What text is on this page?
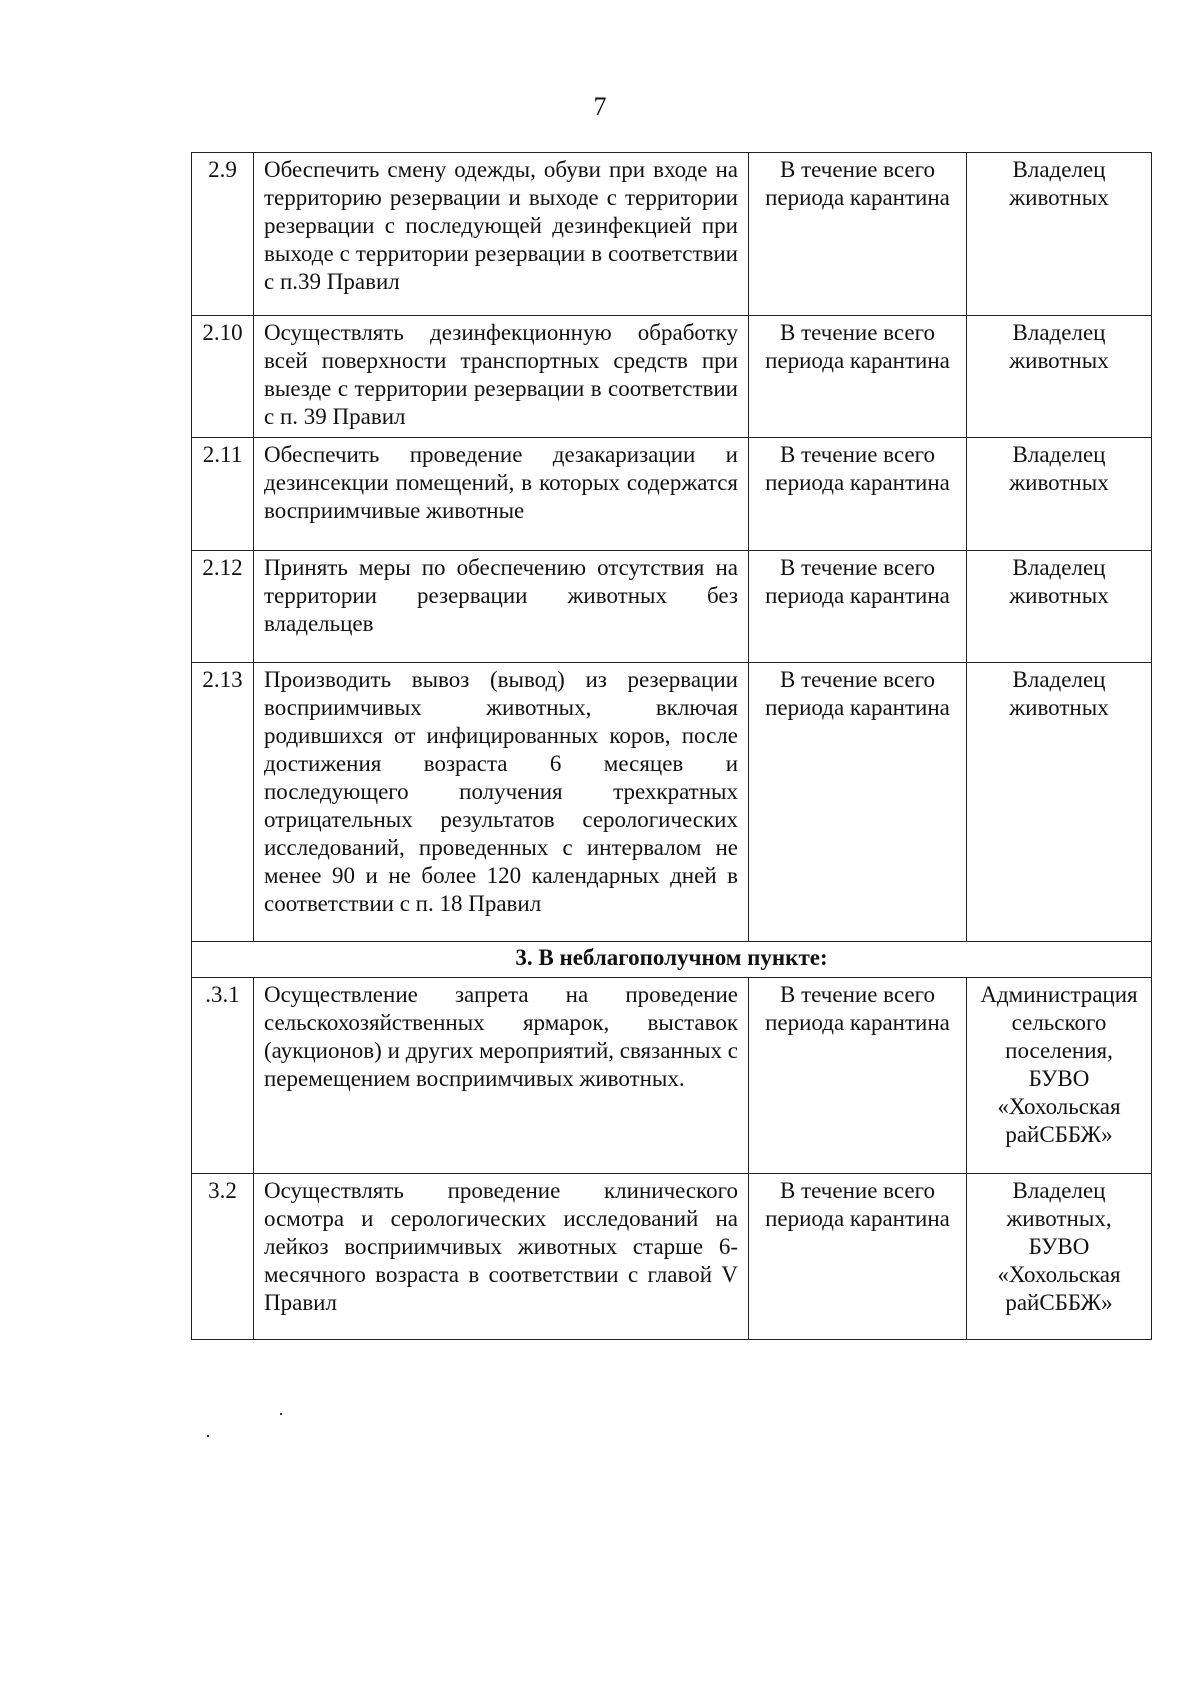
7
2.9	Обеспечить смену одежды, обуви при входе на территорию резервации и выходе с территории резервации с последующей дезинфекцией при выходе с территории резервации в соответствии с п.39 Правил	В течение всего периода карантина	Владелец животных
2.10	Осуществлять дезинфекционную обработку всей поверхности транспортных средств при выезде с территории резервации в соответствии с п. 39 Правил	В течение всего периода карантина	Владелец животных
2.11	Обеспечить проведение дезакаризации и дезинсекции помещений, в которых содержатся восприимчивые животные	В течение всего периода карантина	Владелец животных
2.12	Принять меры по обеспечению отсутствия на территории резервации животных без владельцев	В течение всего периода карантина	Владелец животных
2.13	Производить вывоз (вывод) из резервации восприимчивых животных, включая родившихся от инфицированных коров, после достижения возраста 6 месяцев и последующего получения трехкратных отрицательных результатов серологических исследований, проведенных с интервалом не менее 90 и не более 120 календарных дней в соответствии с п. 18 Правил	В течение всего периода карантина	Владелец животных
3. В неблагополучном пункте:			
.3.1	Осуществление запрета на проведение сельскохозяйственных ярмарок, выставок (аукционов) и других мероприятий, связанных с перемещением восприимчивых животных.	В течение всего периода карантина	Администрация сельского поселения, БУВО «Хохольская райСББЖ»
3.2	Осуществлять проведение клинического осмотра и серологических исследований на лейкоз восприимчивых животных старше 6-месячного возраста в соответствии с главой V Правил	В течение всего периода карантина	Владелец животных, БУВО «Хохольская райСББЖ»
